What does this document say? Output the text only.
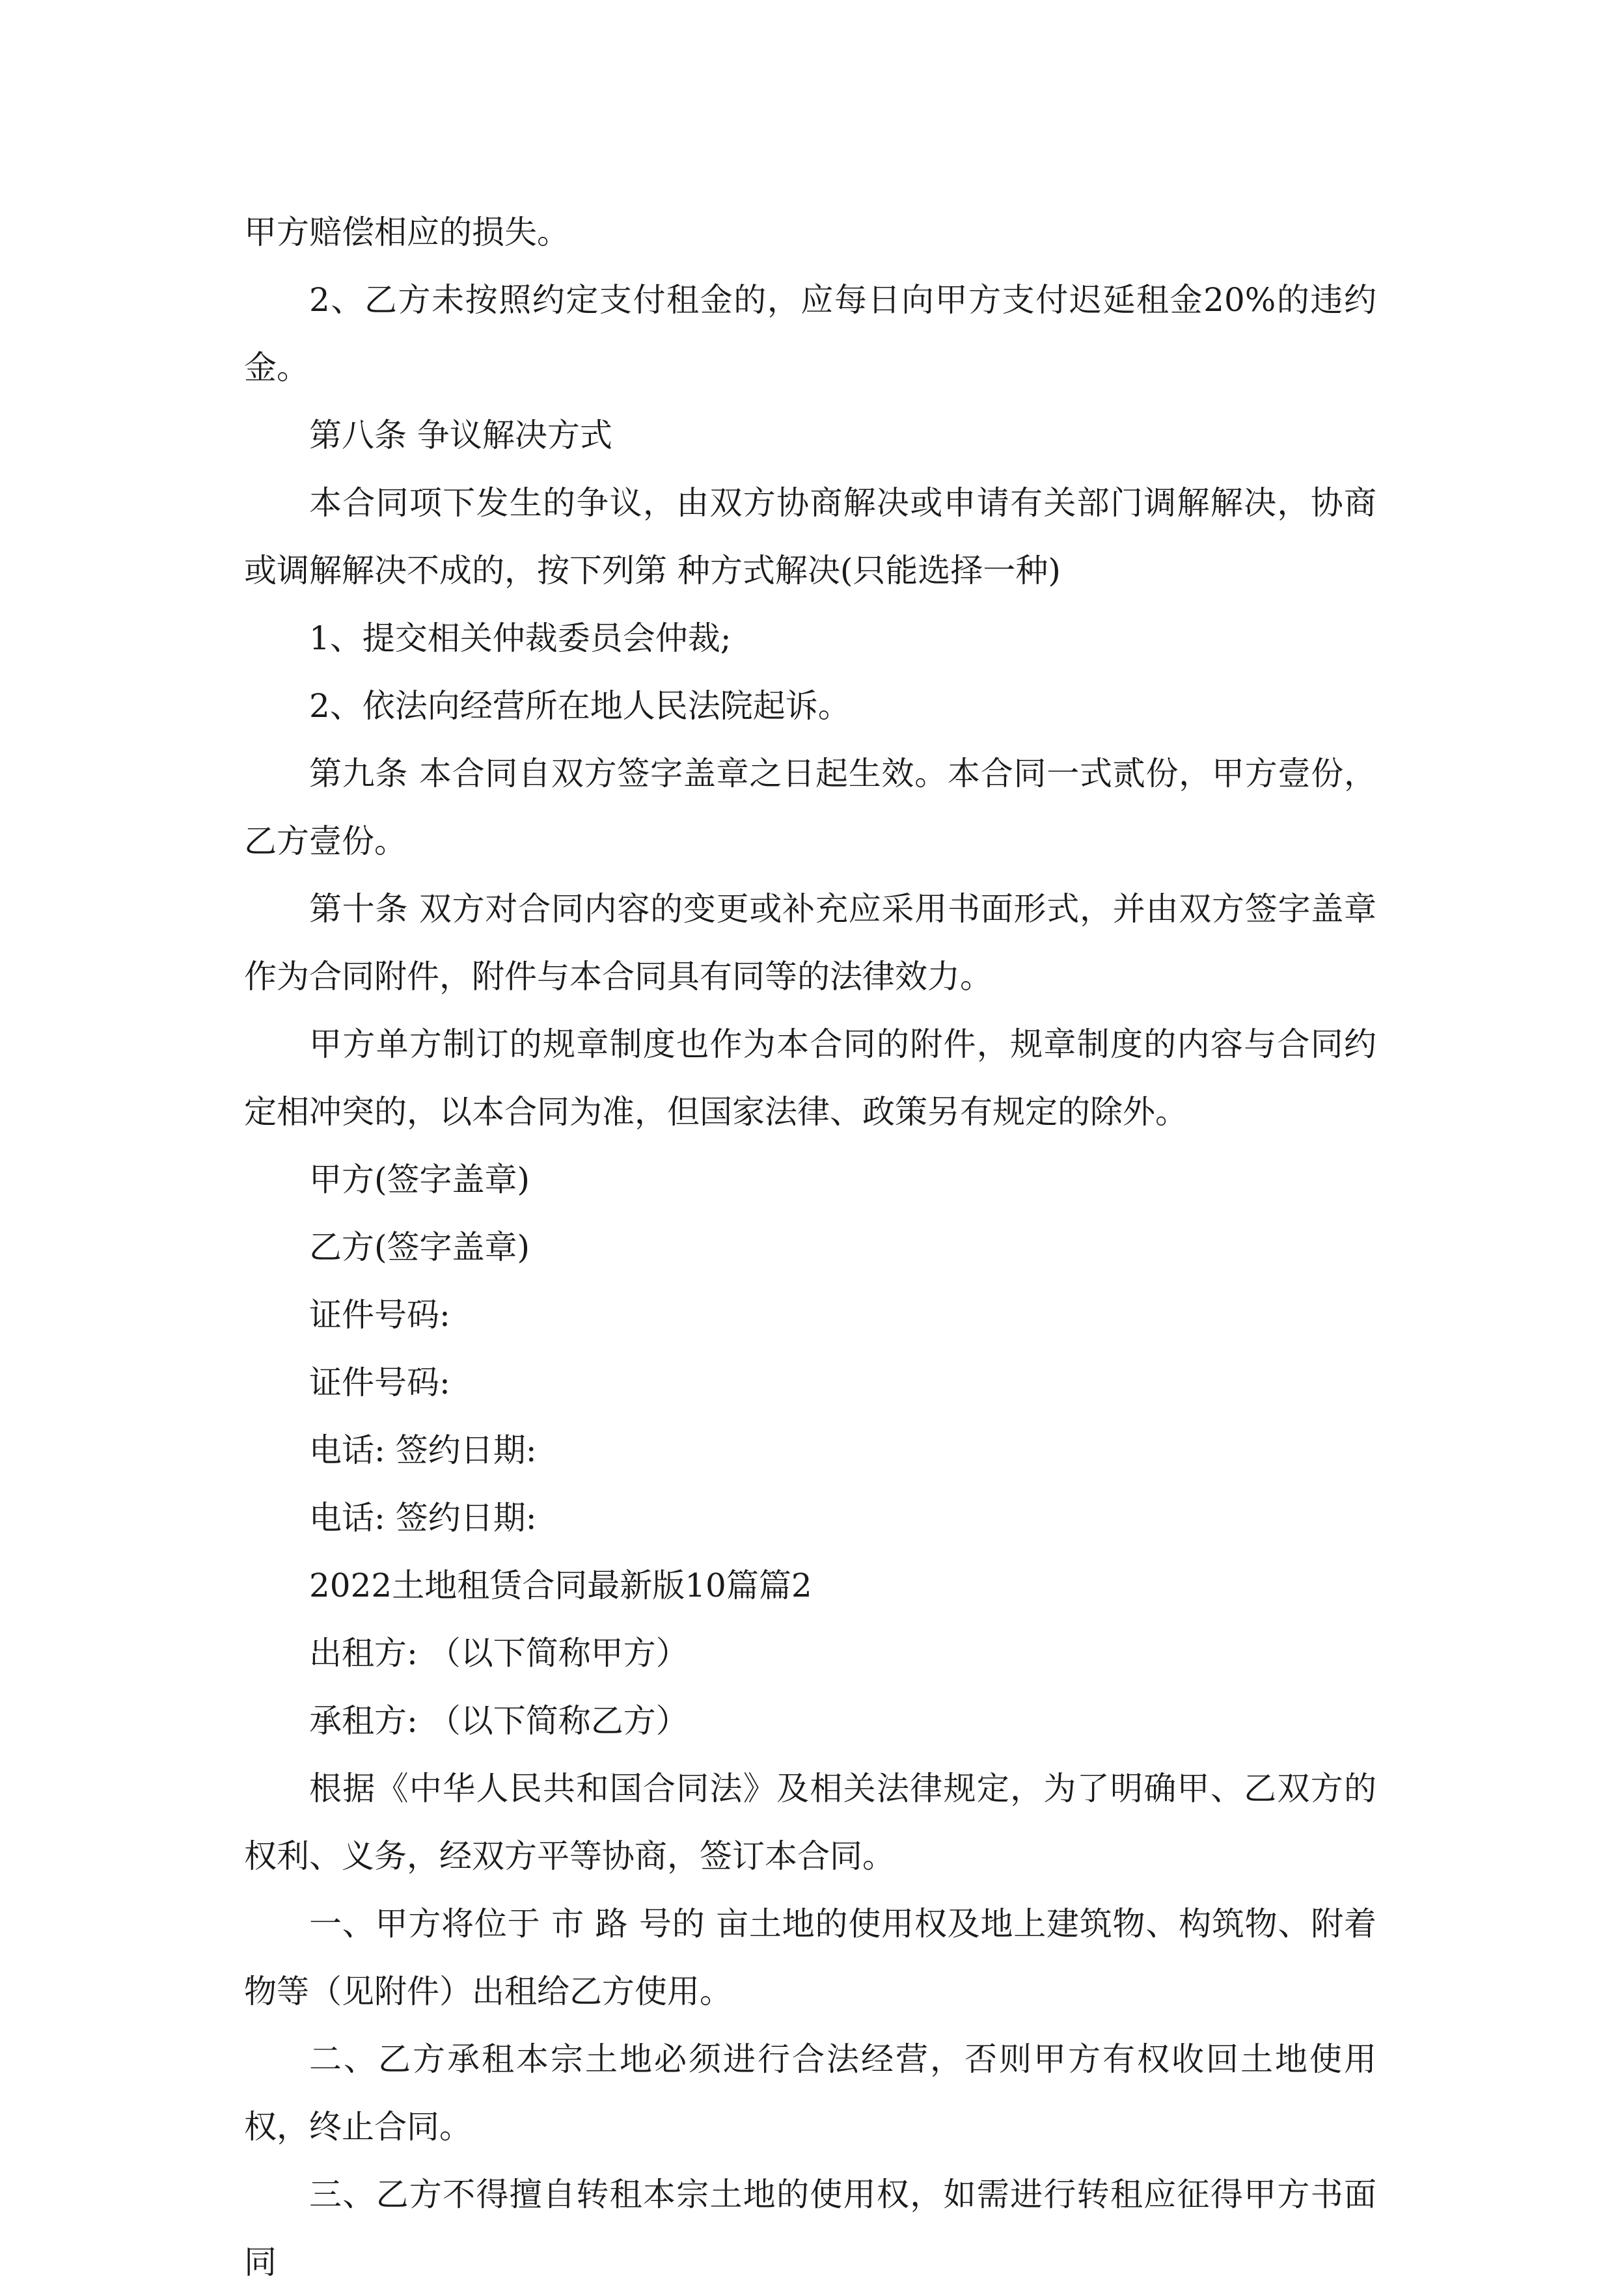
甲方赔偿相应的损失。

2、乙方未按照约定支付租金的，应每日向甲方支付迟延租金20%的违约金。

第八条 争议解决方式

本合同项下发生的争议，由双方协商解决或申请有关部门调解解决，协商或调解解决不成的，按下列第 种方式解决(只能选择一种)

1、提交相关仲裁委员会仲裁;

2、依法向经营所在地人民法院起诉。

第九条 本合同自双方签字盖章之日起生效。本合同一式贰份，甲方壹份，乙方壹份。

第十条 双方对合同内容的变更或补充应采用书面形式，并由双方签字盖章作为合同附件，附件与本合同具有同等的法律效力。

甲方单方制订的规章制度也作为本合同的附件，规章制度的内容与合同约定相冲突的，以本合同为准，但国家法律、政策另有规定的除外。

甲方(签字盖章)

乙方(签字盖章)

证件号码:

证件号码:

电话: 签约日期:

电话: 签约日期:

2022土地租赁合同最新版10篇篇2

出租方: （以下简称甲方）

承租方: （以下简称乙方）

根据《中华人民共和国合同法》及相关法律规定，为了明确甲、乙双方的权利、义务，经双方平等协商，签订本合同。

一、甲方将位于 市 路 号的 亩土地的使用权及地上建筑物、构筑物、附着物等（见附件）出租给乙方使用。

二、乙方承租本宗土地必须进行合法经营，否则甲方有权收回土地使用权，终止合同。

三、乙方不得擅自转租本宗土地的使用权，如需进行转租应征得甲方书面同
